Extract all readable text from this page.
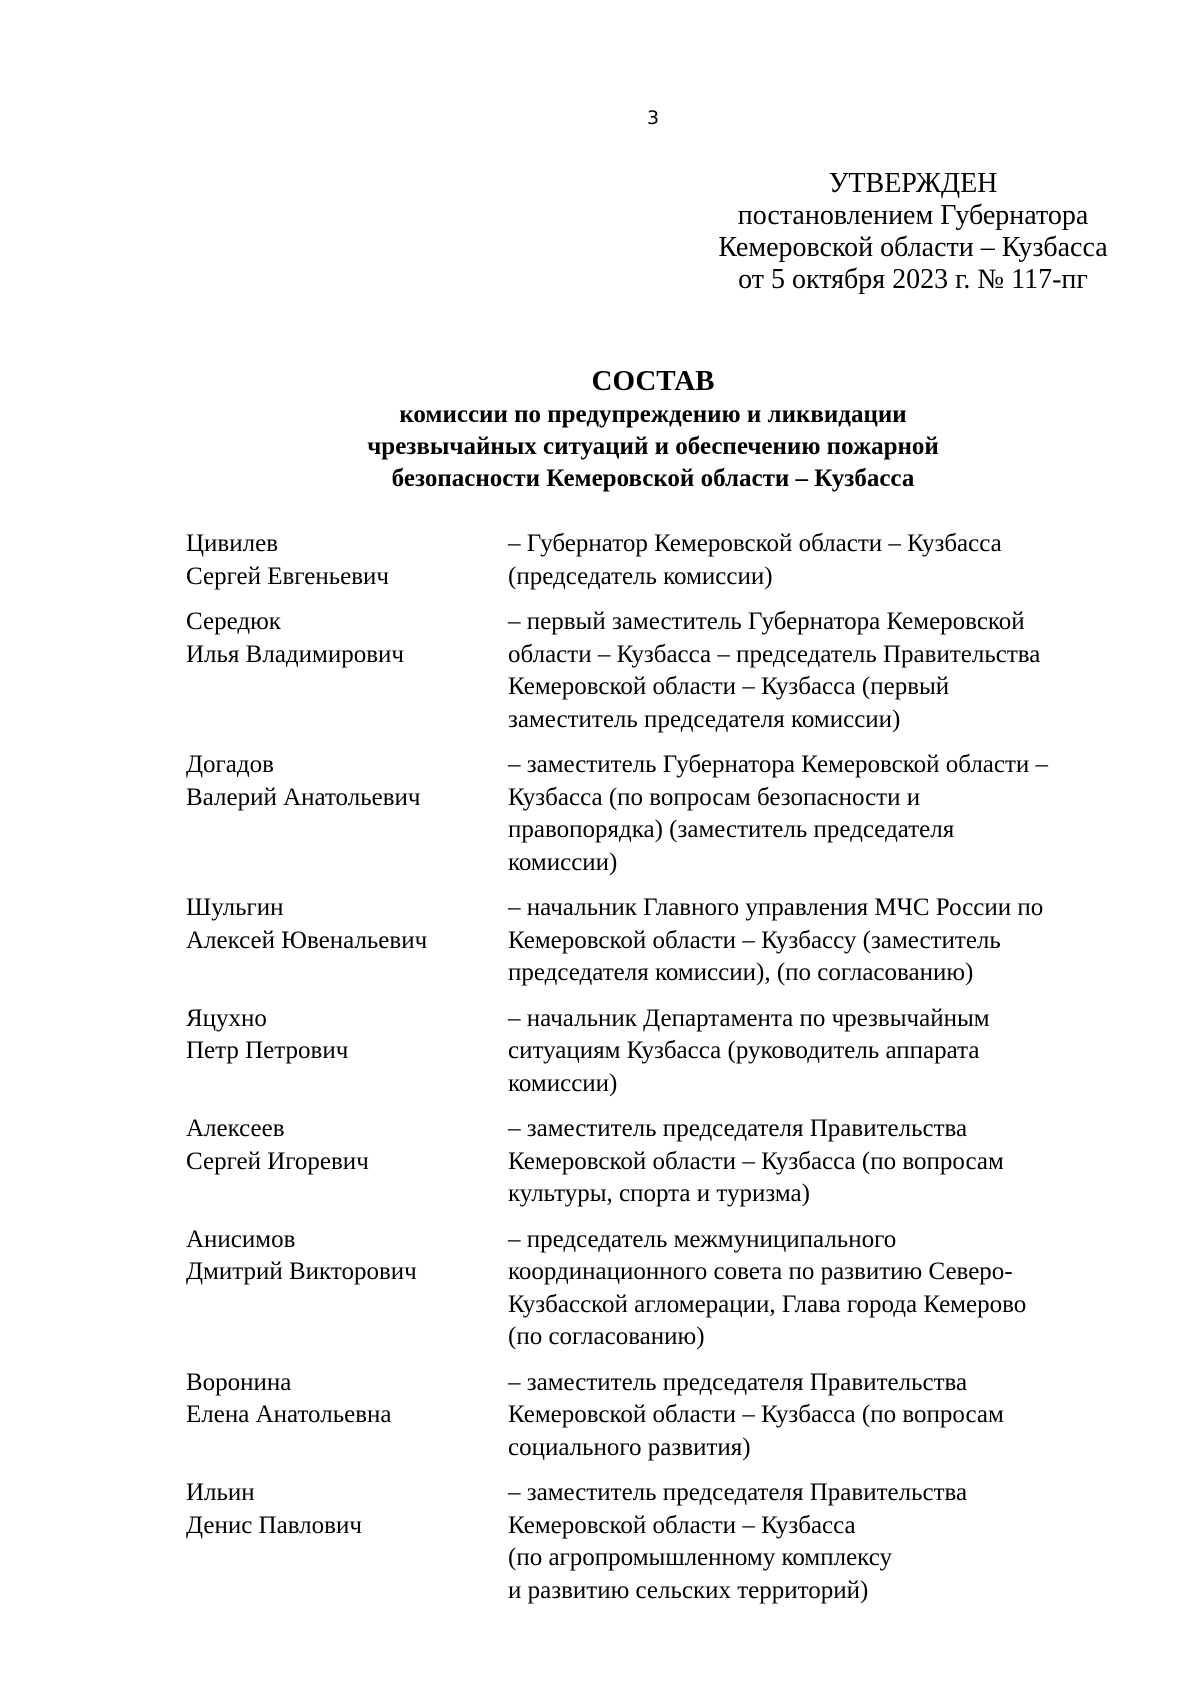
3
УТВЕРЖДЕН
постановлением Губернатора
Кемеровской области – Кузбасса
от 5 октября 2023 г. № 117-пг
СОСТАВ
комиссии по предупреждению и ликвидации
чрезвычайных ситуаций и обеспечению пожарной
безопасности Кемеровской области – Кузбасса
Цивилев
Сергей Евгеньевич
– Губернатор Кемеровской области – Кузбасса
(председатель комиссии)
Середюк
Илья Владимирович
– первый заместитель Губернатора Кемеровской
области – Кузбасса – председатель Правительства
Кемеровской области – Кузбасса (первый
заместитель председателя комиссии)
Догадов
Валерий Анатольевич
– заместитель Губернатора Кемеровской области –
Кузбасса (по вопросам безопасности и
правопорядка) (заместитель председателя
комиссии)
Шульгин
Алексей Ювенальевич
– начальник Главного управления МЧС России по
Кемеровской области – Кузбассу (заместитель
председателя комиссии), (по согласованию)
Яцухно
Петр Петрович
– начальник Департамента по чрезвычайным
ситуациям Кузбасса (руководитель аппарата
комиссии)
Алексеев
Сергей Игоревич
– заместитель председателя Правительства
Кемеровской области – Кузбасса (по вопросам
культуры, спорта и туризма)
Анисимов
Дмитрий Викторович
– председатель межмуниципального
координационного совета по развитию Северо-
Кузбасской агломерации, Глава города Кемерово
(по согласованию)
Воронина
Елена Анатольевна
– заместитель председателя Правительства
Кемеровской области – Кузбасса (по вопросам
социального развития)
Ильин
Денис Павлович
– заместитель председателя Правительства
Кемеровской области – Кузбасса
(по агропромышленному комплексу
и развитию сельских территорий)
